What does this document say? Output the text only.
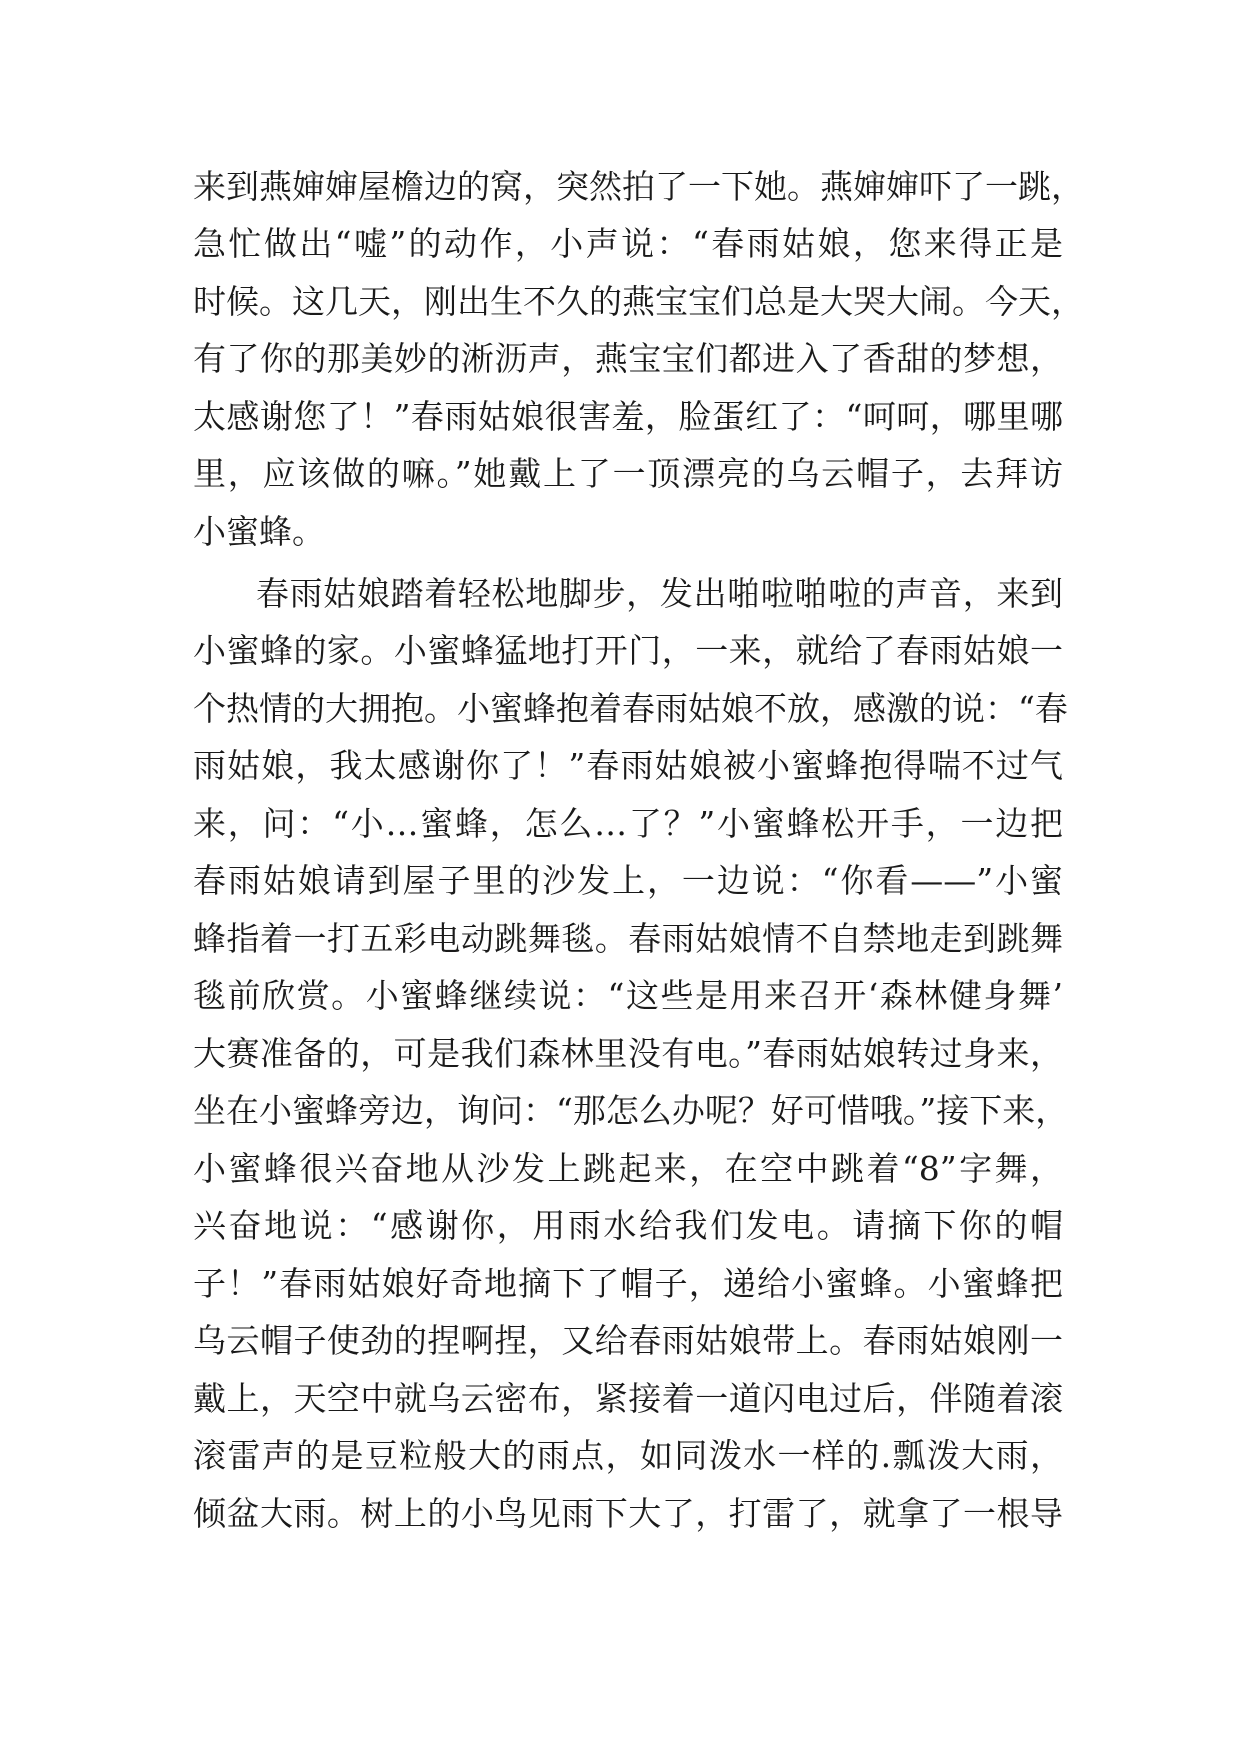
来到燕婶婶屋檐边的窝，突然拍了一下她。燕婶婶吓了一跳，
急忙做出“嘘”的动作，小声说：“春雨姑娘，您来得正是
时候。这几天，刚出生不久的燕宝宝们总是大哭大闹。今天，
有了你的那美妙的淅沥声，燕宝宝们都进入了香甜的梦想，
太感谢您了！”春雨姑娘很害羞，脸蛋红了：“呵呵，哪里哪
里，应该做的嘛。”她戴上了一顶漂亮的乌云帽子，去拜访
小蜜蜂。
春雨姑娘踏着轻松地脚步，发出啪啦啪啦的声音，来到
小蜜蜂的家。小蜜蜂猛地打开门，一来，就给了春雨姑娘一
个热情的大拥抱。小蜜蜂抱着春雨姑娘不放，感激的说：“春
雨姑娘，我太感谢你了！”春雨姑娘被小蜜蜂抱得喘不过气
来，问：“小…蜜蜂，怎么…了？”小蜜蜂松开手，一边把
春雨姑娘请到屋子里的沙发上，一边说：“你看——”小蜜
蜂指着一打五彩电动跳舞毯。春雨姑娘情不自禁地走到跳舞
毯前欣赏。小蜜蜂继续说：“这些是用来召开‘森林健身舞’
大赛准备的，可是我们森林里没有电。”春雨姑娘转过身来，
坐在小蜜蜂旁边，询问：“那怎么办呢？好可惜哦。”接下来，
小蜜蜂很兴奋地从沙发上跳起来，在空中跳着“8”字舞，
兴奋地说：“感谢你，用雨水给我们发电。请摘下你的帽
子！”春雨姑娘好奇地摘下了帽子，递给小蜜蜂。小蜜蜂把
乌云帽子使劲的捏啊捏，又给春雨姑娘带上。春雨姑娘刚一
戴上，天空中就乌云密布，紧接着一道闪电过后，伴随着滚
滚雷声的是豆粒般大的雨点，如同泼水一样的.瓢泼大雨，
倾盆大雨。树上的小鸟见雨下大了，打雷了，就拿了一根导
